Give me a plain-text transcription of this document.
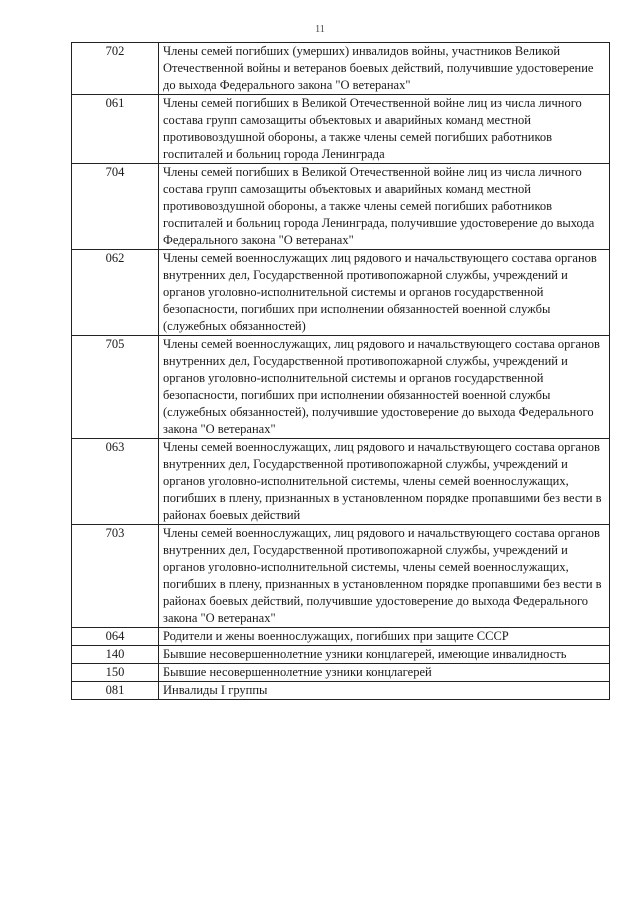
11
702	Члены семей погибших (умерших) инвалидов войны, участников Великой Отечественной войны и ветеранов боевых действий, получившие удостоверение до выхода Федерального закона "О ветеранах"
061	Члены семей погибших в Великой Отечественной войне лиц из числа личного состава групп самозащиты объектовых и аварийных команд местной противовоздушной обороны, а также члены семей погибших работников госпиталей и больниц города Ленинграда
704	Члены семей погибших в Великой Отечественной войне лиц из числа личного состава групп самозащиты объектовых и аварийных команд местной противовоздушной обороны, а также члены семей погибших работников госпиталей и больниц города Ленинграда, получившие удостоверение до выхода Федерального закона "О ветеранах"
062	Члены семей военнослужащих лиц рядового и начальствующего состава органов внутренних дел, Государственной противопожарной службы, учреждений и органов уголовно-исполнительной системы и органов государственной безопасности, погибших при исполнении обязанностей военной службы (служебных обязанностей)
705	Члены семей военнослужащих, лиц рядового и начальствующего состава органов внутренних дел, Государственной противопожарной службы, учреждений и органов уголовно-исполнительной системы и органов государственной безопасности, погибших при исполнении обязанностей военной службы (служебных обязанностей), получившие удостоверение до выхода Федерального закона "О ветеранах"
063	Члены семей военнослужащих, лиц рядового и начальствующего состава органов внутренних дел, Государственной противопожарной службы, учреждений и органов уголовно-исполнительной системы, члены семей военнослужащих, погибших в плену, признанных в установленном порядке пропавшими без вести в районах боевых действий
703	Члены семей военнослужащих, лиц рядового и начальствующего состава органов внутренних дел, Государственной противопожарной службы, учреждений и органов уголовно-исполнительной системы, члены семей военнослужащих, погибших в плену, признанных в установленном порядке пропавшими без вести в районах боевых действий, получившие удостоверение до выхода Федерального закона "О ветеранах"
064	Родители и жены военнослужащих, погибших при защите СССР
140	Бывшие несовершеннолетние узники концлагерей, имеющие инвалидность
150	Бывшие несовершеннолетние узники концлагерей
081	Инвалиды I группы
